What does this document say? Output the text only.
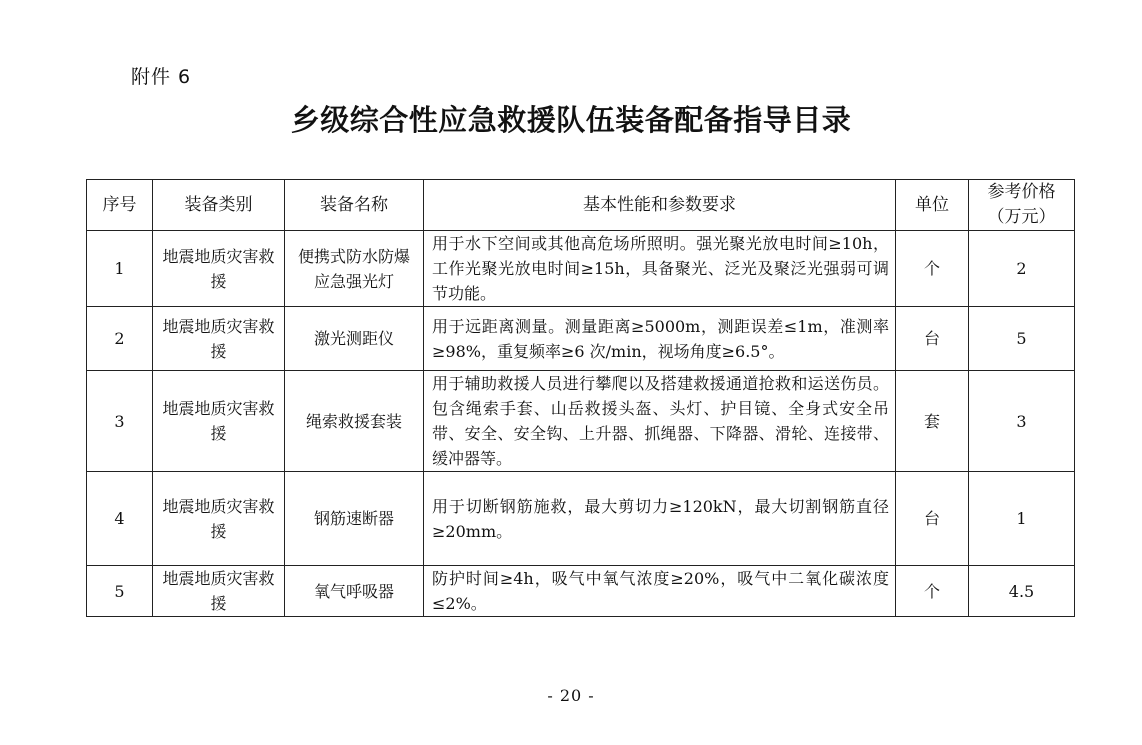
附件 6
乡级综合性应急救援队伍装备配备指导目录
序号	装备类别	装备名称	基本性能和参数要求	单位	参考价格
（万元）

1	地震地质灾害救援	便携式防水防爆应急强光灯	用于水下空间或其他高危场所照明。强光聚光放电时间≥10h，工作光聚光放电时间≥15h，具备聚光、泛光及聚泛光强弱可调节功能。	个	2
2	地震地质灾害救援	激光测距仪	用于远距离测量。测量距离≥5000m，测距误差≤1m，准测率≥98%，重复频率≥6 次/min，视场角度≥6.5°。	台	5
3	地震地质灾害救援	绳索救援套装	用于辅助救援人员进行攀爬以及搭建救援通道抢救和运送伤员。包含绳索手套、山岳救援头盔、头灯、护目镜、全身式安全吊带、安全、安全钩、上升器、抓绳器、下降器、滑轮、连接带、缓冲器等。	套	3
4	地震地质灾害救援	钢筋速断器	用于切断钢筋施救，最大剪切力≥120kN，最大切割钢筋直径≥20mm。	台	1
5	地震地质灾害救援	氧气呼吸器	防护时间≥4h，吸气中氧气浓度≥20%，吸气中二氧化碳浓度≤2%。	个	4.5
- 20 -
